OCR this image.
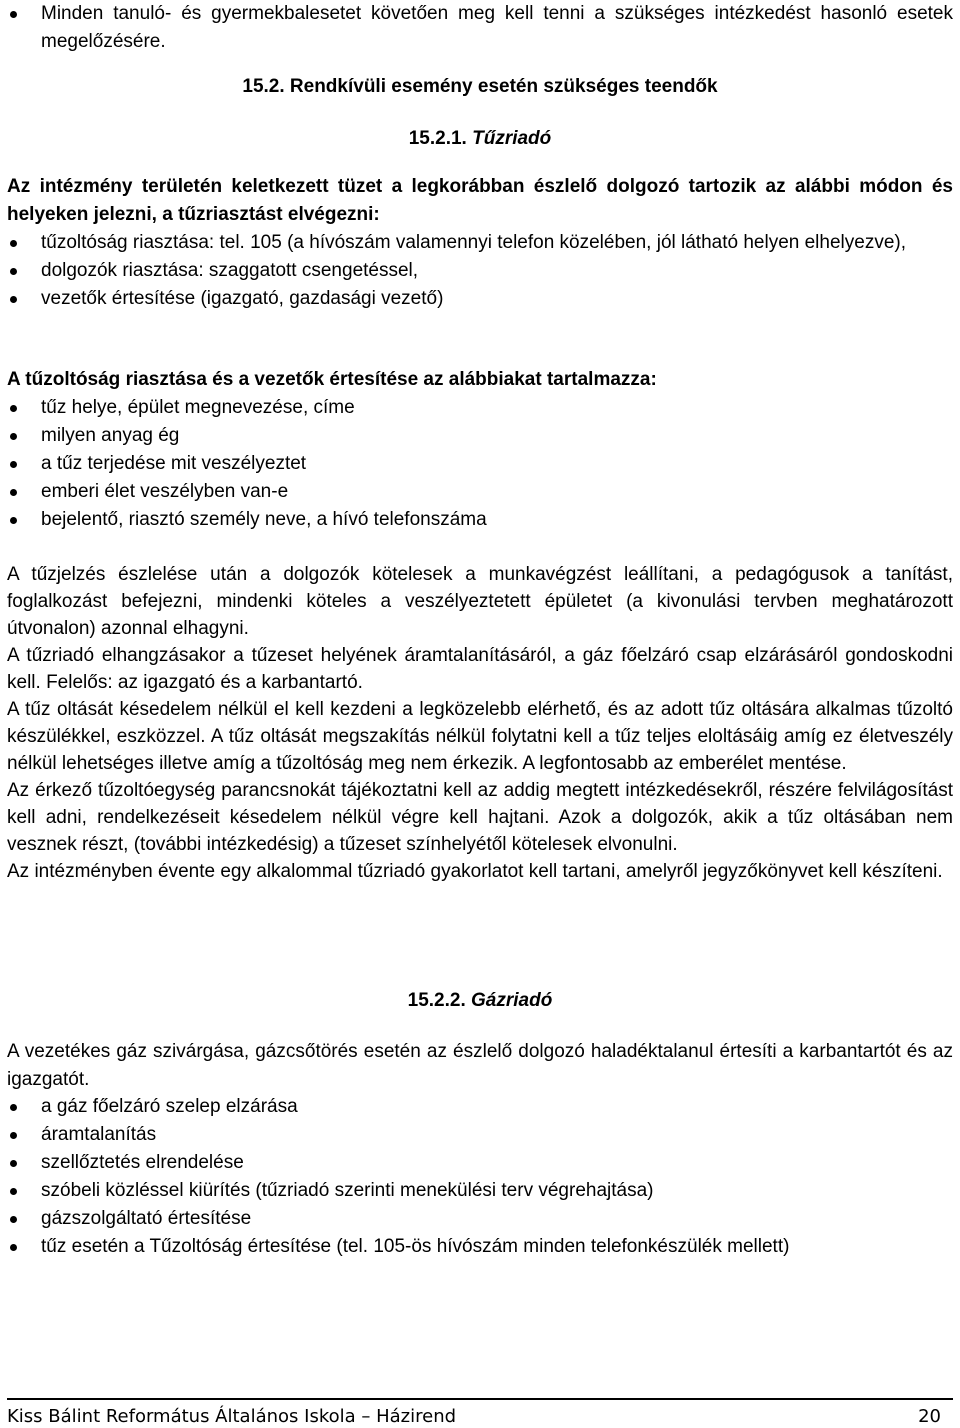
Minden tanuló- és gyermekbalesetet követően meg kell tenni a szükséges intézkedést hasonló esetek megelőzésére.
15.2. Rendkívüli esemény esetén szükséges teendők
15.2.1. Tűzriadó

Az intézmény területén keletkezett tüzet a legkorábban észlelő dolgozó tartozik az alábbi módon és helyeken jelezni, a tűzriasztást elvégezni:

tűzoltóság riasztása: tel. 105 (a hívószám valamennyi telefon közelében, jól látható helyen elhelyezve),
dolgozók riasztása: szaggatott csengetéssel,
vezetők értesítése (igazgató, gazdasági vezető)

A tűzoltóság riasztása és a vezetők értesítése az alábbiakat tartalmazza:

tűz helye, épület megnevezése, címe
milyen anyag ég
a tűz terjedése mit veszélyeztet
emberi élet veszélyben van-e
bejelentő, riasztó személy neve, a hívó telefonszáma

A tűzjelzés észlelése után a dolgozók kötelesek a munkavégzést leállítani, a pedagógusok a tanítást, foglalkozást befejezni, mindenki köteles a veszélyeztetett épületet (a kivonulási tervben meghatározott útvonalon) azonnal elhagyni.

A tűzriadó elhangzásakor a tűzeset helyének áramtalanításáról, a gáz főelzáró csap elzárásáról gondoskodni kell. Felelős: az igazgató és a karbantartó.

A tűz oltását késedelem nélkül el kell kezdeni a legközelebb elérhető, és az adott tűz oltására alkalmas tűzoltó készülékkel, eszközzel. A tűz oltását megszakítás nélkül folytatni kell a tűz teljes eloltásáig amíg ez életveszély nélkül lehetséges illetve amíg a tűzoltóság meg nem érkezik. A legfontosabb az emberélet mentése.

Az érkező tűzoltóegység parancsnokát tájékoztatni kell az addig megtett intézkedésekről, részére felvilágosítást kell adni, rendelkezéseit késedelem nélkül végre kell hajtani. Azok a dolgozók, akik a tűz oltásában nem vesznek részt, (további intézkedésig) a tűzeset színhelyétől kötelesek elvonulni.

Az intézményben évente egy alkalommal tűzriadó gyakorlatot kell tartani, amelyről jegyzőkönyvet kell készíteni.

15.2.2. Gázriadó

A vezetékes gáz szivárgása, gázcsőtörés esetén az észlelő dolgozó haladéktalanul értesíti a karbantartót és az igazgatót.

a gáz főelzáró szelep elzárása
áramtalanítás
szellőztetés elrendelése
szóbeli közléssel kiürítés (tűzriadó szerinti menekülési terv végrehajtása)
gázszolgáltató értesítése
tűz esetén a Tűzoltóság értesítése (tel. 105-ös hívószám minden telefonkészülék mellett)
Kiss Bálint Református Általános Iskola – Házirend	20
